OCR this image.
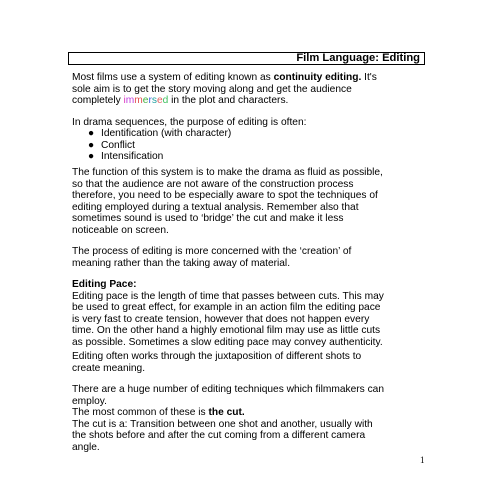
Film Language: Editing
Most films use a system of editing known as continuity editing. It's
sole aim is to get the story moving along and get the audience
completely immersed in the plot and characters.
In drama sequences, the purpose of editing is often:
● Identification (with character)
● Conflict
● Intensification
The function of this system is to make the drama as fluid as possible,
so that the audience are not aware of the construction process
therefore, you need to be especially aware to spot the techniques of
editing employed during a textual analysis. Remember also that
sometimes sound is used to ‘bridge’ the cut and make it less
noticeable on screen.
The process of editing is more concerned with the ‘creation’ of
meaning rather than the taking away of material.
Editing Pace:
Editing pace is the length of time that passes between cuts. This may
be used to great effect, for example in an action film the editing pace
is very fast to create tension, however that does not happen every
time. On the other hand a highly emotional film may use as little cuts
as possible. Sometimes a slow editing pace may convey authenticity.
Editing often works through the juxtaposition of different shots to
create meaning.
There are a huge number of editing techniques which filmmakers can
employ.
The most common of these is the cut.
The cut is a: Transition between one shot and another, usually with
the shots before and after the cut coming from a different camera
angle.
1
